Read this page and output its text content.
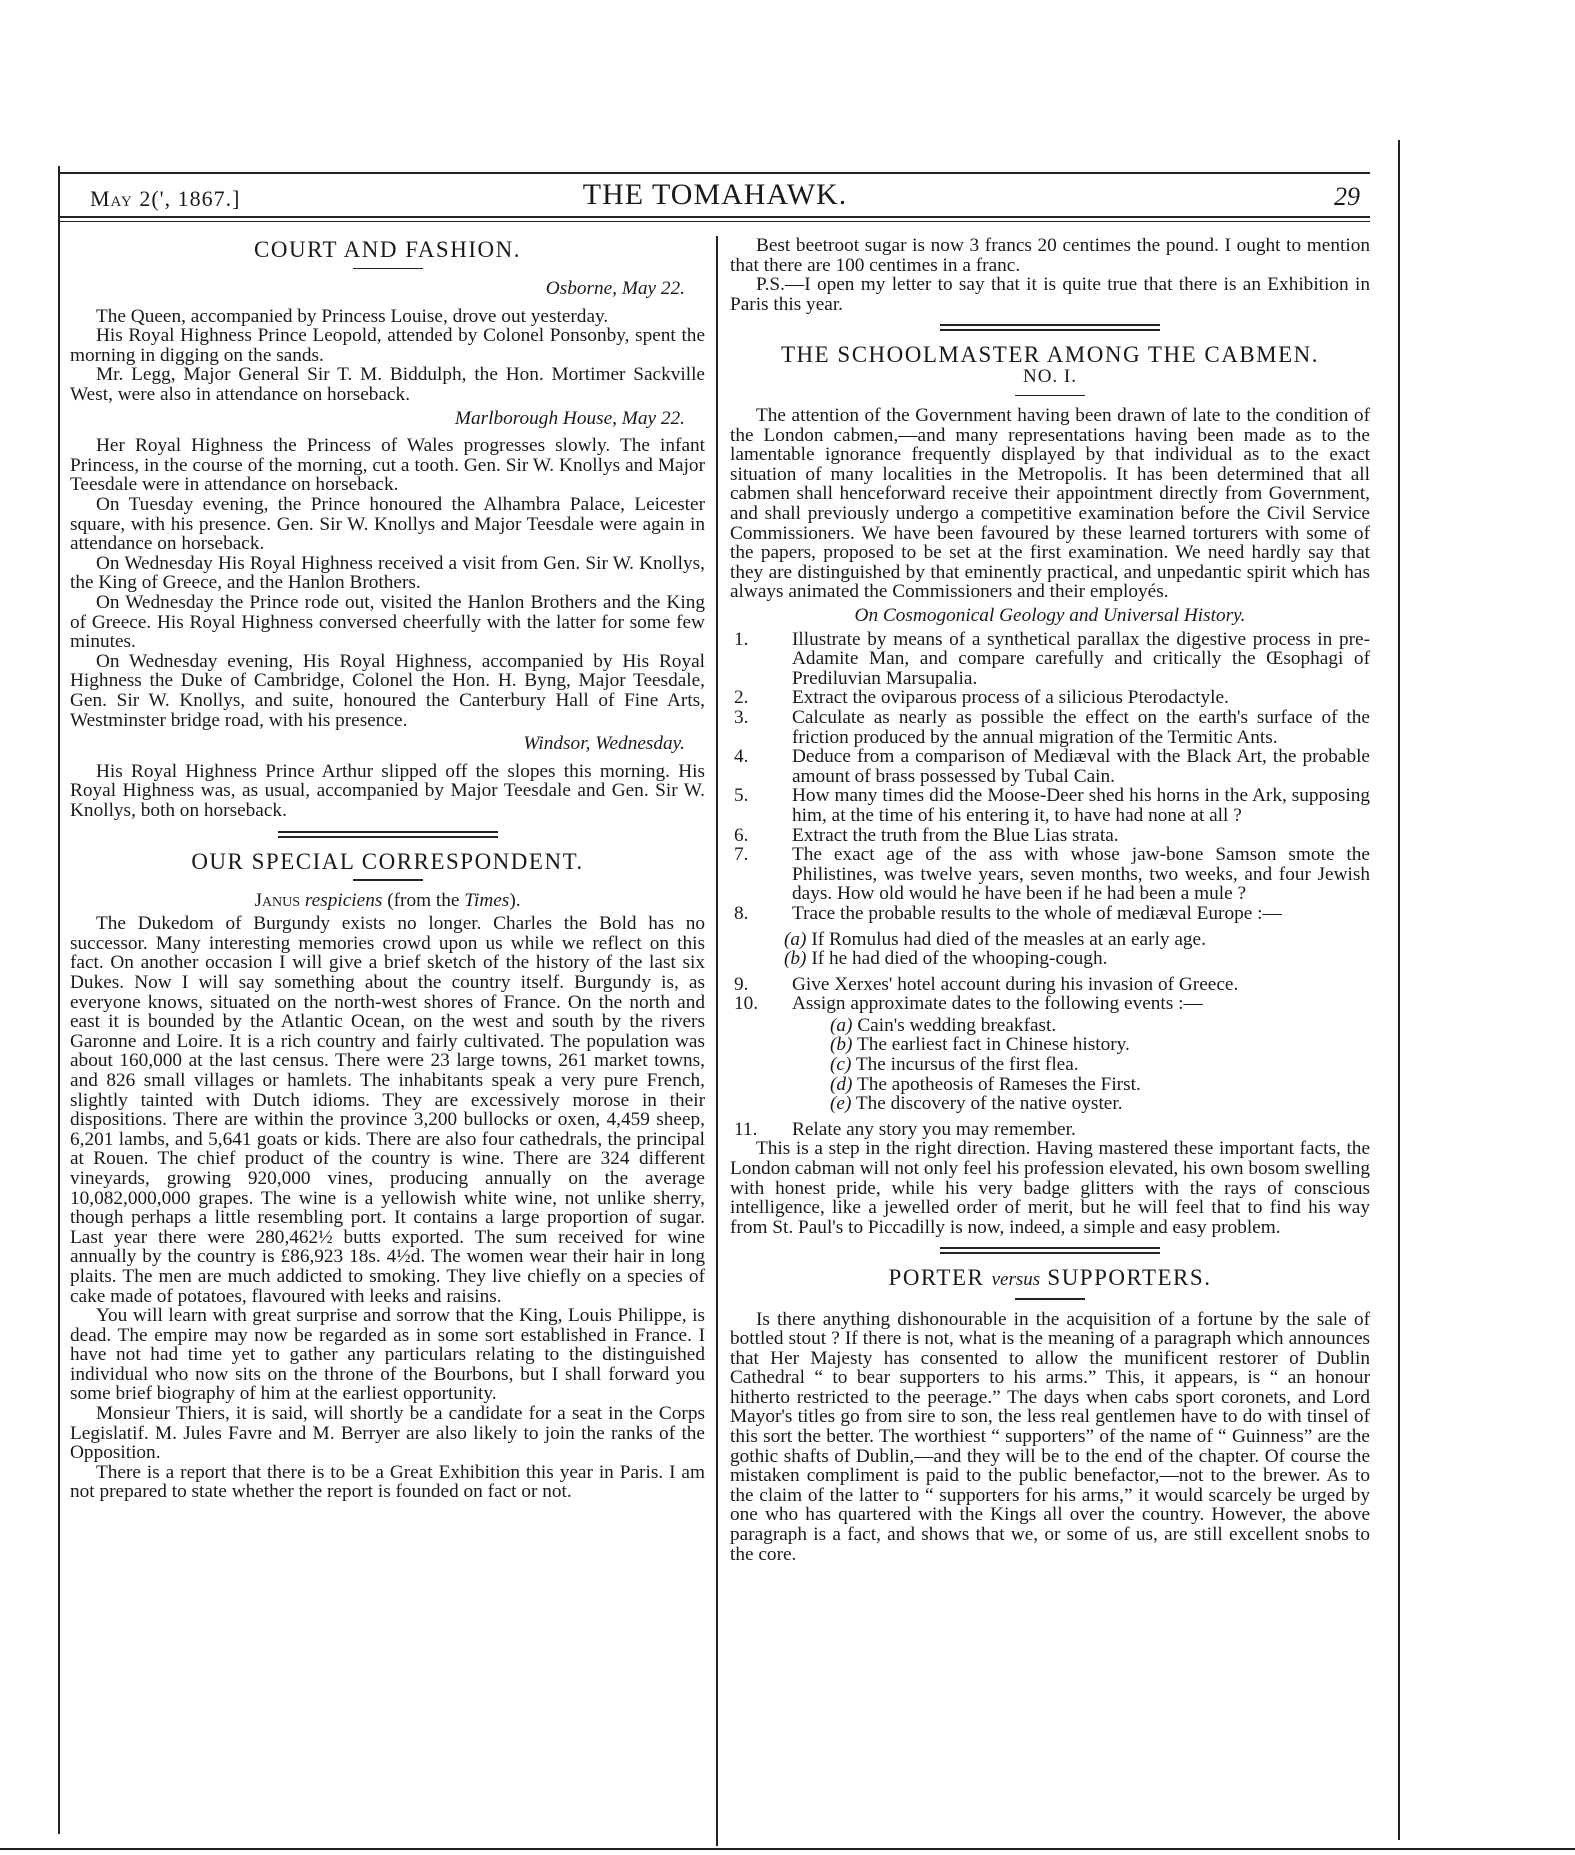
May 2(', 1867.]	THE TOMAHAWK.	29
COURT AND FASHION.
Osborne, May 22.

The Queen, accompanied by Princess Louise, drove out yesterday.

His Royal Highness Prince Leopold, attended by Colonel Ponsonby, spent the morning in digging on the sands.

Mr. Legg, Major General Sir T. M. Biddulph, the Hon. Mortimer Sackville West, were also in attendance on horseback.

Marlborough House, May 22.

Her Royal Highness the Princess of Wales progresses slowly. The infant Princess, in the course of the morning, cut a tooth. Gen. Sir W. Knollys and Major Teesdale were in attendance on horseback.

On Tuesday evening, the Prince honoured the Alhambra Palace, Leicester square, with his presence. Gen. Sir W. Knollys and Major Teesdale were again in attendance on horseback.

On Wednesday His Royal Highness received a visit from Gen. Sir W. Knollys, the King of Greece, and the Hanlon Brothers.

On Wednesday the Prince rode out, visited the Hanlon Brothers and the King of Greece. His Royal Highness conversed cheerfully with the latter for some few minutes.

On Wednesday evening, His Royal Highness, accompanied by His Royal Highness the Duke of Cambridge, Colonel the Hon. H. Byng, Major Teesdale, Gen. Sir W. Knollys, and suite, honoured the Canterbury Hall of Fine Arts, Westminster bridge road, with his presence.

Windsor, Wednesday.

His Royal Highness Prince Arthur slipped off the slopes this morning. His Royal Highness was, as usual, accompanied by Major Teesdale and Gen. Sir W. Knollys, both on horseback.

OUR SPECIAL CORRESPONDENT.
Janus respiciens (from the Times).

The Dukedom of Burgundy exists no longer. Charles the Bold has no successor. Many interesting memories crowd upon us while we reflect on this fact. On another occasion I will give a brief sketch of the history of the last six Dukes. Now I will say something about the country itself. Burgundy is, as everyone knows, situated on the north-west shores of France. On the north and east it is bounded by the Atlantic Ocean, on the west and south by the rivers Garonne and Loire. It is a rich country and fairly cultivated. The population was about 160,000 at the last census. There were 23 large towns, 261 market towns, and 826 small villages or hamlets. The inhabitants speak a very pure French, slightly tainted with Dutch idioms. They are excessively morose in their dispositions. There are within the province 3,200 bullocks or oxen, 4,459 sheep, 6,201 lambs, and 5,641 goats or kids. There are also four cathedrals, the principal at Rouen. The chief product of the country is wine. There are 324 different vineyards, growing 920,000 vines, producing annually on the average 10,082,000,000 grapes. The wine is a yellowish white wine, not unlike sherry, though perhaps a little resembling port. It contains a large proportion of sugar. Last year there were 280,462½ butts exported. The sum received for wine annually by the country is £86,923 18s. 4½d. The women wear their hair in long plaits. The men are much addicted to smoking. They live chiefly on a species of cake made of potatoes, flavoured with leeks and raisins.

You will learn with great surprise and sorrow that the King, Louis Philippe, is dead. The empire may now be regarded as in some sort established in France. I have not had time yet to gather any particulars relating to the distinguished individual who now sits on the throne of the Bourbons, but I shall forward you some brief biography of him at the earliest opportunity.

Monsieur Thiers, it is said, will shortly be a candidate for a seat in the Corps Legislatif. M. Jules Favre and M. Berryer are also likely to join the ranks of the Opposition.

There is a report that there is to be a Great Exhibition this year in Paris. I am not prepared to state whether the report is founded on fact or not.

Best beetroot sugar is now 3 francs 20 centimes the pound. I ought to mention that there are 100 centimes in a franc.

P.S.—I open my letter to say that it is quite true that there is an Exhibition in Paris this year.

THE SCHOOLMASTER AMONG THE CABMEN.
NO. I.

The attention of the Government having been drawn of late to the condition of the London cabmen,—and many representations having been made as to the lamentable ignorance frequently displayed by that individual as to the exact situation of many localities in the Metropolis. It has been determined that all cabmen shall henceforward receive their appointment directly from Government, and shall previously undergo a competitive examination before the Civil Service Commissioners. We have been favoured by these learned torturers with some of the papers, proposed to be set at the first examination. We need hardly say that they are distinguished by that eminently practical, and unpedantic spirit which has always animated the Commissioners and their employés.

On Cosmogonical Geology and Universal History.
1. Illustrate by means of a synthetical parallax the digestive process in pre-Adamite Man, and compare carefully and critically the Œsophagi of Prediluvian Marsupalia.
2. Extract the oviparous process of a silicious Pterodactyle.
3. Calculate as nearly as possible the effect on the earth's surface of the friction produced by the annual migration of the Termitic Ants.
4. Deduce from a comparison of Mediæval with the Black Art, the probable amount of brass possessed by Tubal Cain.
5. How many times did the Moose-Deer shed his horns in the Ark, supposing him, at the time of his entering it, to have had none at all ?
6. Extract the truth from the Blue Lias strata.
7. The exact age of the ass with whose jaw-bone Samson smote the Philistines, was twelve years, seven months, two weeks, and four Jewish days. How old would he have been if he had been a mule ?
8. Trace the probable results to the whole of mediæval Europe :—
(a) If Romulus had died of the measles at an early age.
(b) If he had died of the whooping-cough.
9. Give Xerxes' hotel account during his invasion of Greece.
10. Assign approximate dates to the following events :—
(a) Cain's wedding breakfast.
(b) The earliest fact in Chinese history.
(c) The incursus of the first flea.
(d) The apotheosis of Rameses the First.
(e) The discovery of the native oyster.
11. Relate any story you may remember.

This is a step in the right direction. Having mastered these important facts, the London cabman will not only feel his profession elevated, his own bosom swelling with honest pride, while his very badge glitters with the rays of conscious intelligence, like a jewelled order of merit, but he will feel that to find his way from St. Paul's to Piccadilly is now, indeed, a simple and easy problem.

PORTER versus SUPPORTERS.

Is there anything dishonourable in the acquisition of a fortune by the sale of bottled stout ? If there is not, what is the meaning of a paragraph which announces that Her Majesty has consented to allow the munificent restorer of Dublin Cathedral “ to bear supporters to his arms.” This, it appears, is “ an honour hitherto restricted to the peerage.” The days when cabs sport coronets, and Lord Mayor's titles go from sire to son, the less real gentlemen have to do with tinsel of this sort the better. The worthiest “ supporters” of the name of “ Guinness” are the gothic shafts of Dublin,—and they will be to the end of the chapter. Of course the mistaken compliment is paid to the public benefactor,—not to the brewer. As to the claim of the latter to “ supporters for his arms,” it would scarcely be urged by one who has quartered with the Kings all over the country. However, the above paragraph is a fact, and shows that we, or some of us, are still excellent snobs to the core.
